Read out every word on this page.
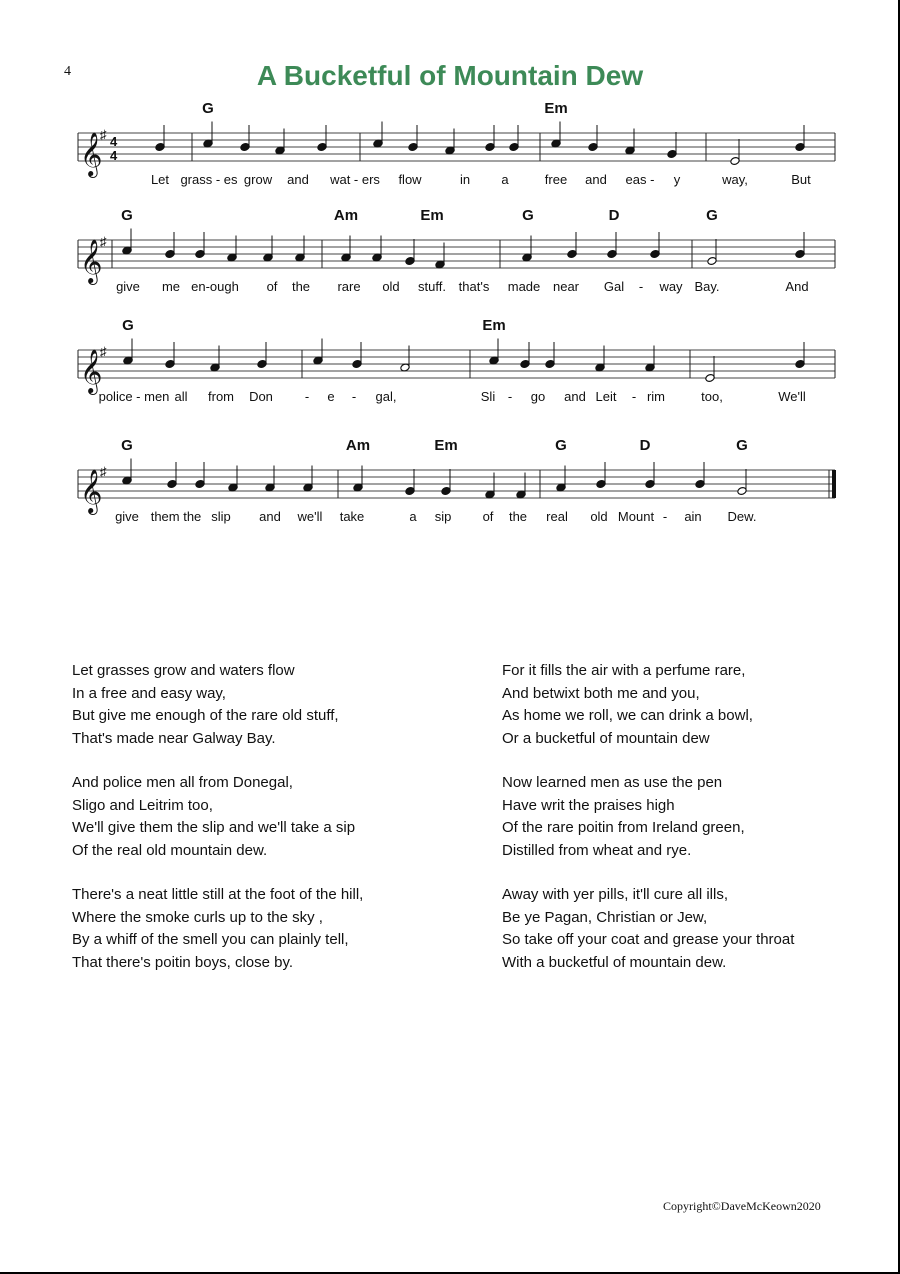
4	A Bucketful of Mountain Dew
𝄞
♯ 4
4
G	Em
Let grass - es grow and wat - ers flow	in a	free and eas - y	way,	But
𝄞
♯
G	Am	Em	G	D	G
give me en-ough of the rare old stuff. that's made near Gal - way Bay.	And
𝄞
♯
G	Em
police - men all from Don - e - gal,	Sli - go and Leit - rim	too,	We'll
𝄞
♯
G	Am	Em	G	D	G
give them the slip and we'll take	a sip of the real old Mount - ain Dew.
Let grasses grow and waters flow
In a free and easy way,
But give me enough of the rare old stuff,
That's made near Galway Bay.
And police men all from Donegal,
Sligo and Leitrim too,
We'll give them the slip and we'll take a sip
Of the real old mountain dew.
There's a neat little still at the foot of the hill,
Where the smoke curls up to the sky ,
By a whiff of the smell you can plainly tell,
That there's poitin boys, close by.
For it fills the air with a perfume rare,
And betwixt both me and you,
As home we roll, we can drink a bowl,
Or a bucketful of mountain dew
Now learned men as use the pen
Have writ the praises high
Of the rare poitin from Ireland green,
Distilled from wheat and rye.
Away with yer pills, it'll cure all ills,
Be ye Pagan, Christian or Jew,
So take off your coat and grease your throat
With a bucketful of mountain dew.
Copyright©DaveMcKeown2020
